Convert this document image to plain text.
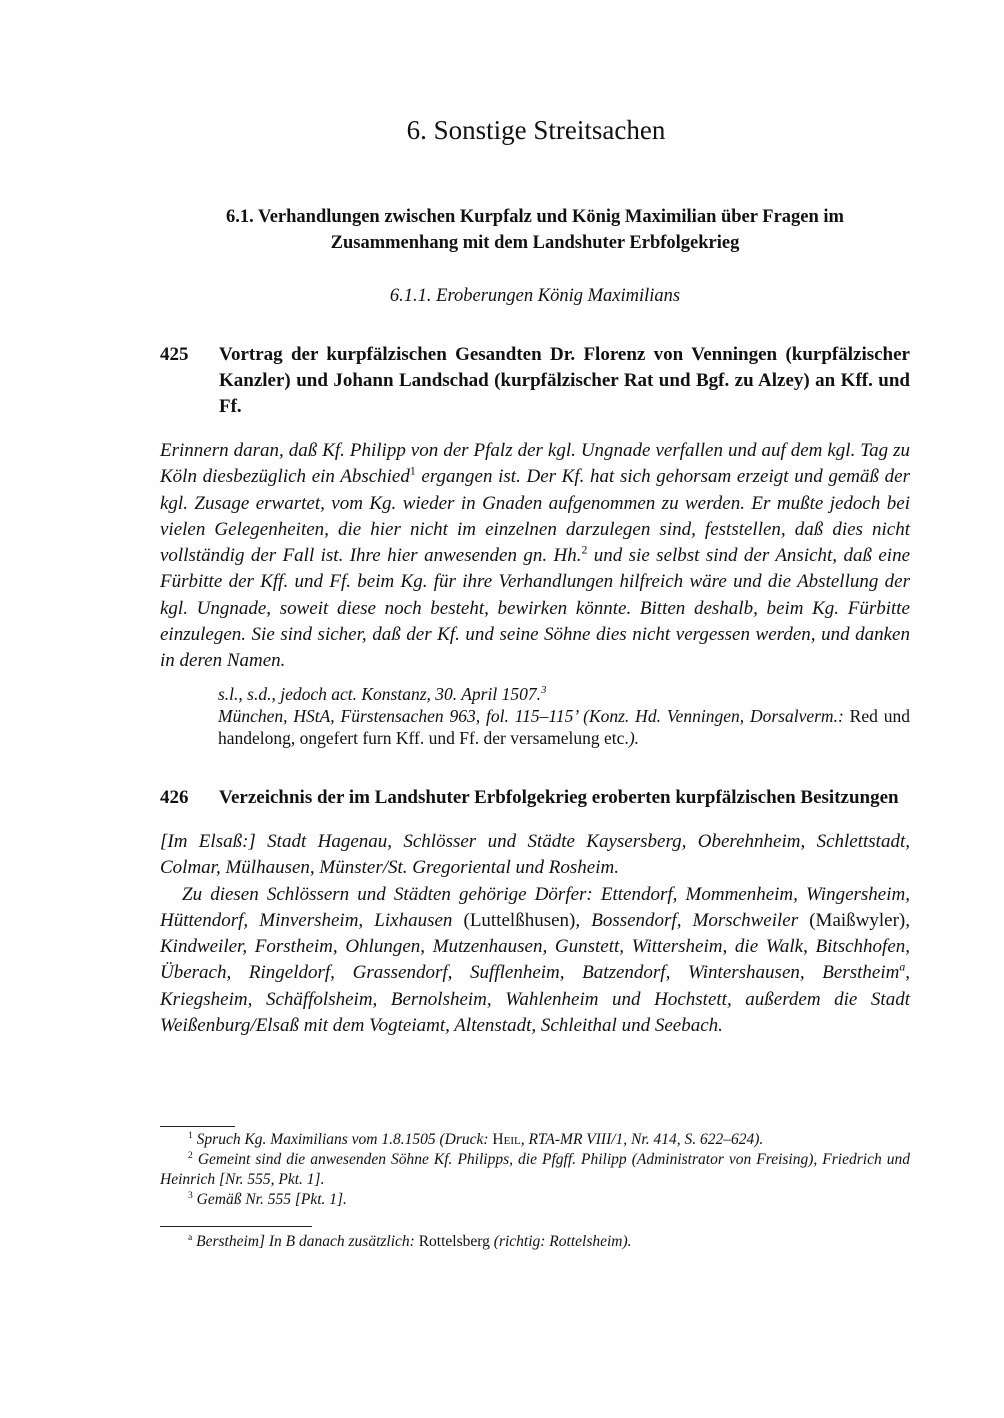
6. Sonstige Streitsachen
6.1. Verhandlungen zwischen Kurpfalz und König Maximilian über Fragen im
Zusammenhang mit dem Landshuter Erbfolgekrieg
6.1.1. Eroberungen König Maximilians
425	Vortrag der kurpfälzischen Gesandten Dr. Florenz von Venningen (kurpfälzischer Kanzler) und Johann Landschad (kurpfälzischer Rat und Bgf. zu Alzey) an Kff. und Ff.
Erinnern daran, daß Kf. Philipp von der Pfalz der kgl. Ungnade verfallen und auf dem kgl. Tag zu Köln diesbezüglich ein Abschied$^1$ ergangen ist. Der Kf. hat sich gehorsam erzeigt und gemäß der kgl. Zusage erwartet, vom Kg. wieder in Gnaden aufgenommen zu werden. Er mußte jedoch bei vielen Gelegenheiten, die hier nicht im einzelnen darzulegen sind, feststellen, daß dies nicht vollständig der Fall ist. Ihre hier anwesenden gn. Hh.$^2$ und sie selbst sind der Ansicht, daß eine Fürbitte der Kff. und Ff. beim Kg. für ihre Verhandlungen hilfreich wäre und die Abstellung der kgl. Ungnade, soweit diese noch besteht, bewirken könnte. Bitten deshalb, beim Kg. Fürbitte einzulegen. Sie sind sicher, daß der Kf. und seine Söhne dies nicht vergessen werden, und danken in deren Namen.
s.l., s.d., jedoch act. Konstanz, 30. April 1507.$^3$
München, HStA, Fürstensachen 963, fol. 115–115’ (Konz. Hd. Venningen, Dorsalverm.: Red und handelong, ongefert furn Kff. und Ff. der versamelung etc.).
426	Verzeichnis der im Landshuter Erbfolgekrieg eroberten kurpfälzischen Besitzungen
[Im Elsaß:] Stadt Hagenau, Schlösser und Städte Kaysersberg, Oberehnheim, Schlettstadt, Colmar, Mülhausen, Münster/St. Gregoriental und Rosheim.
Zu diesen Schlössern und Städten gehörige Dörfer: Ettendorf, Mommenheim, Wingersheim, Hüttendorf, Minversheim, Lixhausen (Luttelßhusen), Bossendorf, Morschweiler (Maißwyler), Kindweiler, Forstheim, Ohlungen, Mutzenhausen, Gunstett, Wittersheim, die Walk, Bitschhofen, Überach, Ringeldorf, Grassendorf, Sufflenheim, Batzendorf, Wintershausen, Berstheim$^a$, Kriegsheim, Schäffolsheim, Bernolsheim, Wahlenheim und Hochstett, außerdem die Stadt Weißenburg/Elsaß mit dem Vogteiamt, Altenstadt, Schleithal und Seebach.
$^1$ Spruch Kg. Maximilians vom 1.8.1505 (Druck: Heil, RTA-MR VIII/1, Nr. 414, S. 622–624).
$^2$ Gemeint sind die anwesenden Söhne Kf. Philipps, die Pfgff. Philipp (Administrator von Freising), Friedrich und Heinrich [Nr. 555, Pkt. 1].
$^3$ Gemäß Nr. 555 [Pkt. 1].
$^a$ Berstheim] In B danach zusätzlich: Rottelsberg (richtig: Rottelsheim).
